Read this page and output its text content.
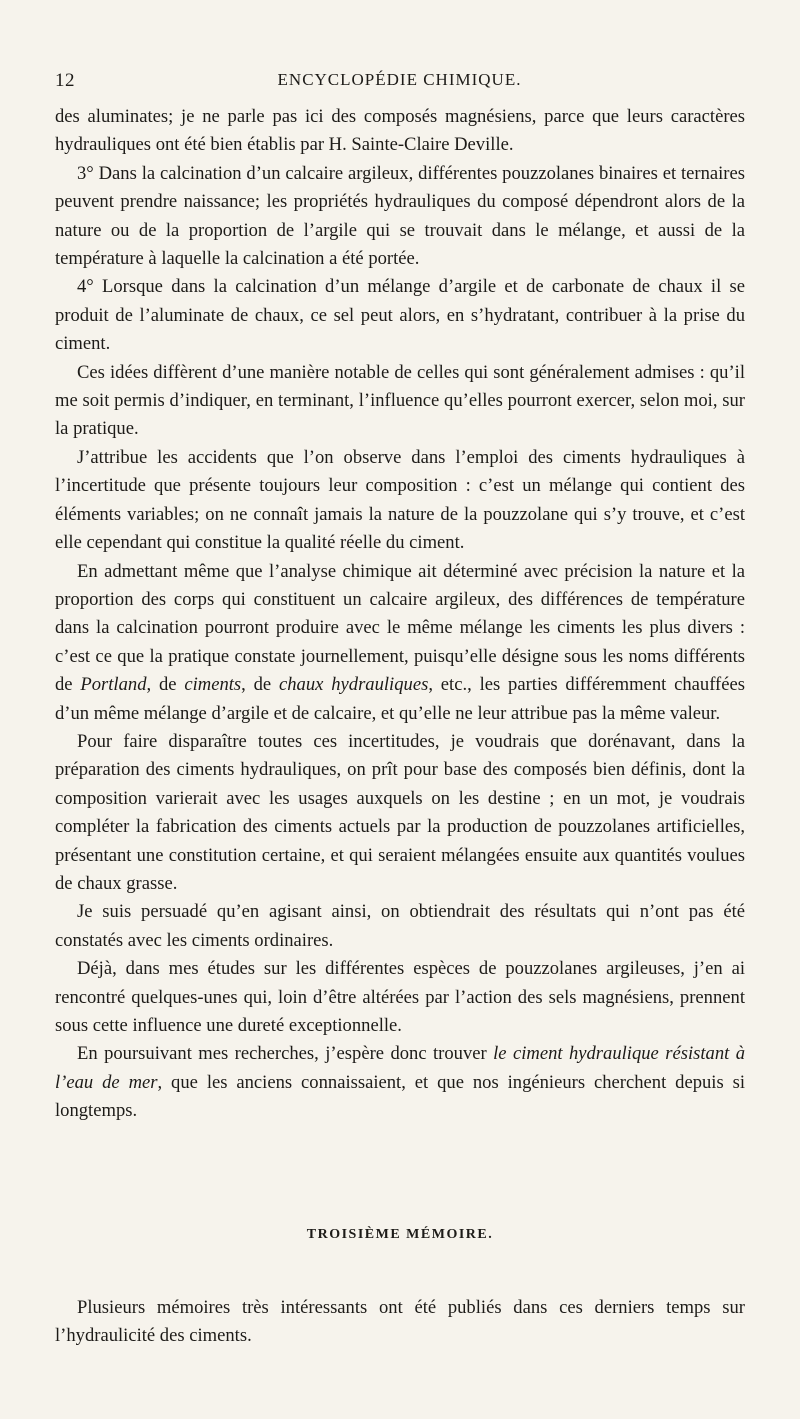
12	ENCYCLOPÉDIE CHIMIQUE.

des aluminates; je ne parle pas ici des composés magnésiens, parce que leurs caractères hydrauliques ont été bien établis par H. Sainte-Claire Deville.

3° Dans la calcination d’un calcaire argileux, différentes pouzzolanes binaires et ternaires peuvent prendre naissance; les propriétés hydrauliques du composé dépendront alors de la nature ou de la proportion de l’argile qui se trouvait dans le mélange, et aussi de la température à laquelle la calcination a été portée.

4° Lorsque dans la calcination d’un mélange d’argile et de carbonate de chaux il se produit de l’aluminate de chaux, ce sel peut alors, en s’hydratant, contribuer à la prise du ciment.

Ces idées diffèrent d’une manière notable de celles qui sont généralement admises : qu’il me soit permis d’indiquer, en terminant, l’influence qu’elles pourront exercer, selon moi, sur la pratique.

J’attribue les accidents que l’on observe dans l’emploi des ciments hydrauliques à l’incertitude que présente toujours leur composition : c’est un mélange qui contient des éléments variables; on ne connaît jamais la nature de la pouzzolane qui s’y trouve, et c’est elle cependant qui constitue la qualité réelle du ciment.

En admettant même que l’analyse chimique ait déterminé avec précision la nature et la proportion des corps qui constituent un calcaire argileux, des différences de température dans la calcination pourront produire avec le même mélange les ciments les plus divers : c’est ce que la pratique constate journellement, puisqu’elle désigne sous les noms différents de Portland, de ciments, de chaux hydrauliques, etc., les parties différemment chauffées d’un même mélange d’argile et de calcaire, et qu’elle ne leur attribue pas la même valeur.

Pour faire disparaître toutes ces incertitudes, je voudrais que dorénavant, dans la préparation des ciments hydrauliques, on prît pour base des composés bien définis, dont la composition varierait avec les usages auxquels on les destine ; en un mot, je voudrais compléter la fabrication des ciments actuels par la production de pouzzolanes artificielles, présentant une constitution certaine, et qui seraient mélangées ensuite aux quantités voulues de chaux grasse.

Je suis persuadé qu’en agisant ainsi, on obtiendrait des résultats qui n’ont pas été constatés avec les ciments ordinaires.

Déjà, dans mes études sur les différentes espèces de pouzzolanes argileuses, j’en ai rencontré quelques-unes qui, loin d’être altérées par l’action des sels magnésiens, prennent sous cette influence une dureté exceptionnelle.

En poursuivant mes recherches, j’espère donc trouver le ciment hydraulique résistant à l’eau de mer, que les anciens connaissaient, et que nos ingénieurs cherchent depuis si longtemps.

TROISIÈME MÉMOIRE.

Plusieurs mémoires très intéressants ont été publiés dans ces derniers temps sur l’hydraulicité des ciments.
